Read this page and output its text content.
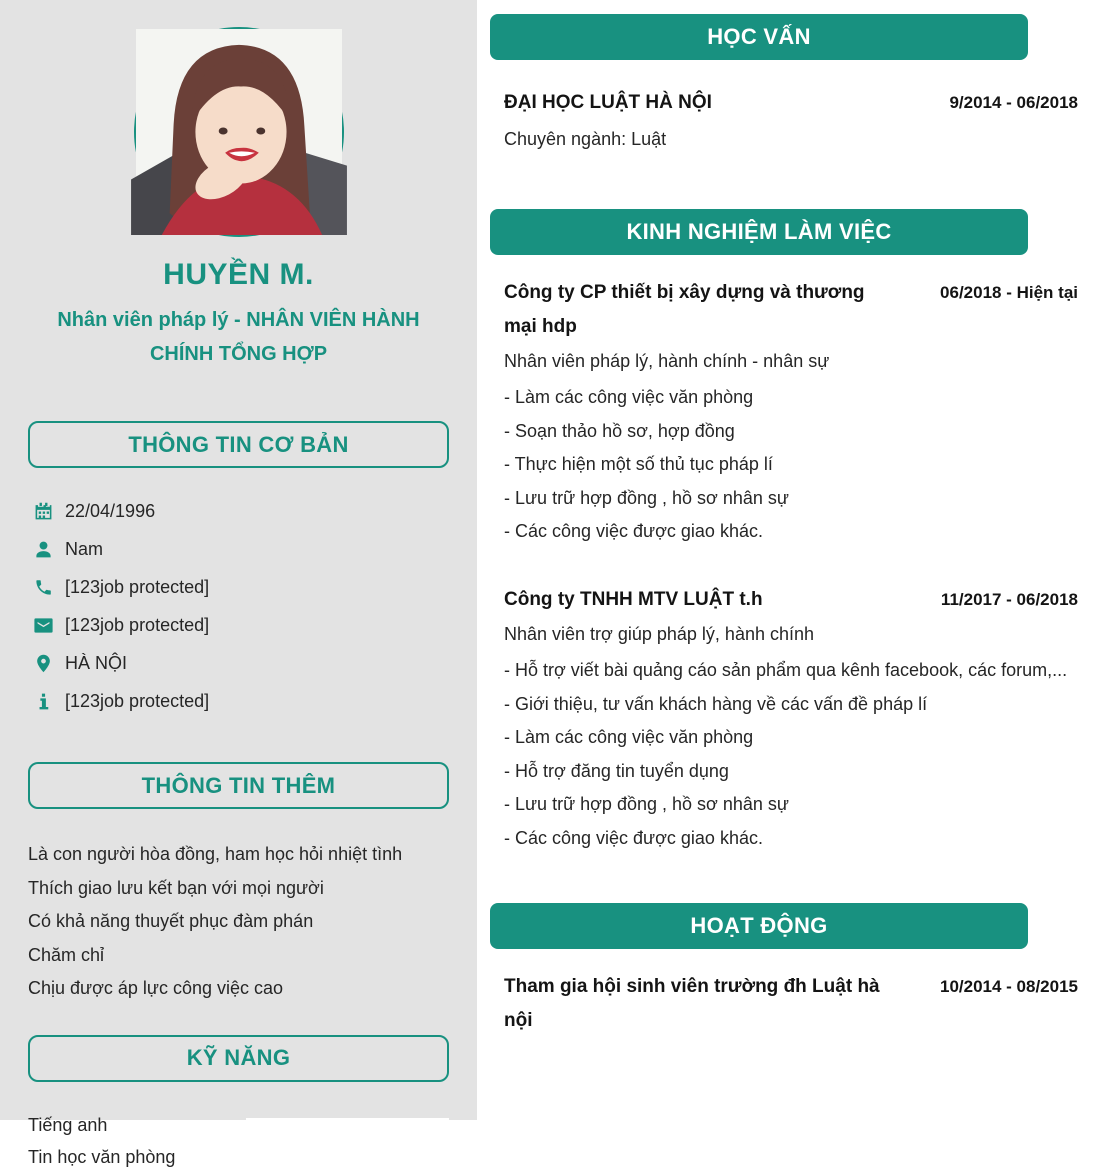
HUYỀN M.
Nhân viên pháp lý - NHÂN VIÊN HÀNH CHÍNH TỔNG HỢP
THÔNG TIN CƠ BẢN
22/04/1996
Nam
[123job protected]
[123job protected]
HÀ NỘI
[123job protected]
THÔNG TIN THÊM
Là con người hòa đồng, ham học hỏi nhiệt tình
Thích giao lưu kết bạn với mọi người
Có khả năng thuyết phục đàm phán
Chăm chỉ
Chịu được áp lực công việc cao
KỸ NĂNG
Tiếng anh
Tin học văn phòng
HỌC VẤN
ĐẠI HỌC LUẬT HÀ NỘI	9/2014 - 06/2018
Chuyên ngành: Luật
KINH NGHIỆM LÀM VIỆC
Công ty CP thiết bị xây dựng và thương mại hdp
06/2018 - Hiện tại
Nhân viên pháp lý, hành chính - nhân sự
- Làm các công việc văn phòng
- Soạn thảo hồ sơ, hợp đồng
- Thực hiện một số thủ tục pháp lí
- Lưu trữ hợp đồng , hồ sơ nhân sự
- Các công việc được giao khác.
Công ty TNHH MTV LUẬT t.h	11/2017 - 06/2018
Nhân viên trợ giúp pháp lý, hành chính
- Hỗ trợ viết bài quảng cáo sản phẩm qua kênh facebook, các forum,...
- Giới thiệu, tư vấn khách hàng về các vấn đề pháp lí
- Làm các công việc văn phòng
- Hỗ trợ đăng tin tuyển dụng
- Lưu trữ hợp đồng , hồ sơ nhân sự
- Các công việc được giao khác.
HOẠT ĐỘNG
Tham gia hội sinh viên trường đh Luật hà nội
10/2014 - 08/2015
